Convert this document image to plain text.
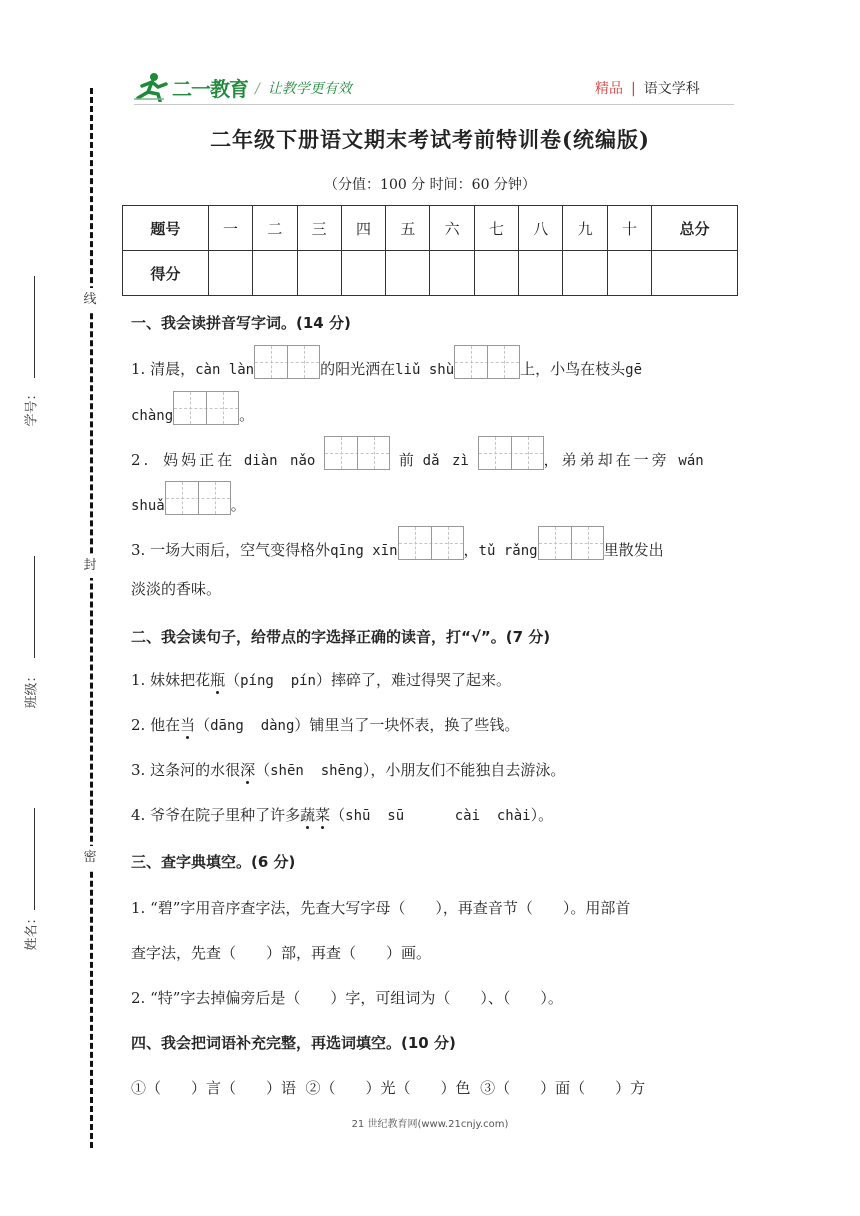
二一教育 / 让教学更有效	精品 | 语文学科
线
封
密
学号：
班级：
姓名：
二年级下册语文期末考试考前特训卷(统编版)
（分值：100 分 时间：60 分钟）
题号	一	二	三	四	五	六	七	八	九	十	总分
得分											
一、我会读拼音写字词。(14 分)
1. 清晨，càn làn	的阳光洒在liǔ shù	上，小鸟在枝头gē
chàng	。
2. 妈妈正在 diàn nǎo	前 dǎ zì	，弟弟却在一旁 wán
shuǎ	。
3. 一场大雨后，空气变得格外qīng xīn	，tǔ rǎng	里散发出
淡淡的香味。
二、我会读句子，给带点的字选择正确的读音，打“√”。(7 分)
1. 妹妹把花瓶（píng  pín）摔碎了，难过得哭了起来。
2. 他在当（dāng  dàng）铺里当了一块怀表，换了些钱。
3. 这条河的水很深（shēn  shēng），小朋友们不能独自去游泳。
4. 爷爷在院子里种了许多蔬菜（shū  sū      cài  chài）。
三、查字典填空。(6 分)
1. “碧”字用音序查字法，先查大写字母（　　），再查音节（　　）。用部首
查字法，先查（　　）部，再查（　　）画。
2. “特”字去掉偏旁后是（　　）字，可组词为（　　）、（　　）。
四、我会把词语补充完整，再选词填空。(10 分)
①（　　）言（　　）语  ②（　　）光（　　）色  ③（　　）面（　　）方
21 世纪教育网(www.21cnjy.com)
